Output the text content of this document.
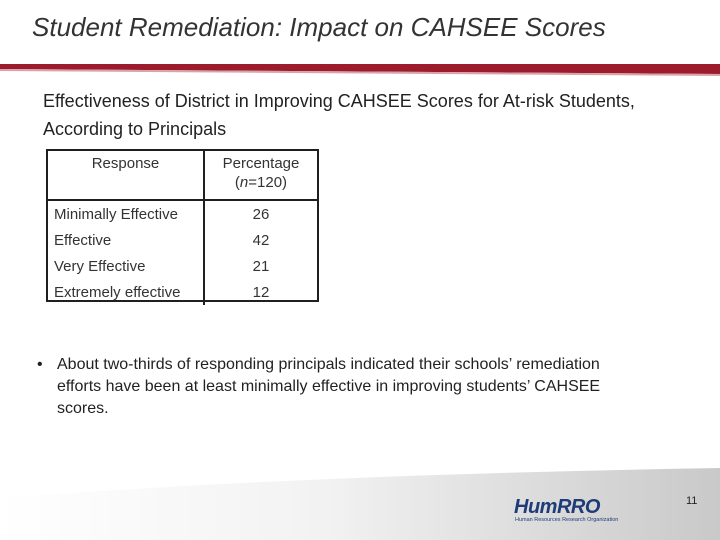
Student Remediation: Impact on CAHSEE Scores
Effectiveness of District in Improving CAHSEE Scores for At-risk Students, According to Principals
Response	Percentage
(n=120)
Minimally Effective	26
Effective	42
Very Effective	21
Extremely effective	12
• About two-thirds of responding principals indicated their schools’ remediation efforts have been at least minimally effective in improving students’ CAHSEE scores.
HumRRO
Human Resources Research Organization
11
